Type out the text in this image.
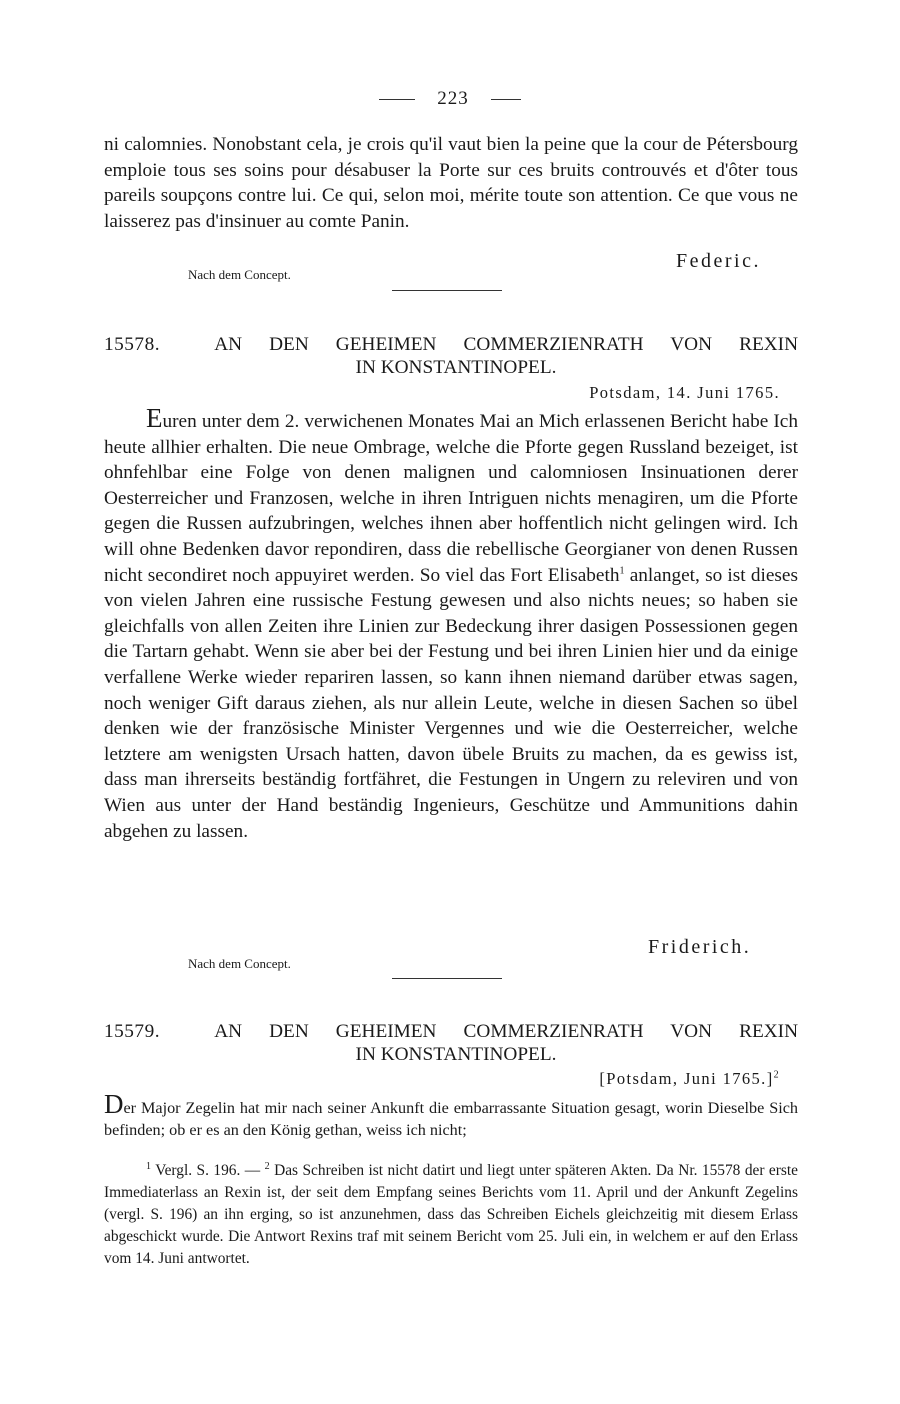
223

ni calomnies. Nonobstant cela, je crois qu'il vaut bien la peine que la cour de Pétersbourg emploie tous ses soins pour désabuser la Porte sur ces bruits controuvés et d'ôter tous pareils soupçons contre lui. Ce qui, selon moi, mérite toute son attention. Ce que vous ne laisserez pas d'insinuer au comte Panin.

Federic.
Nach dem Concept.
15578.	AN DEN GEHEIMEN COMMERZIENRATH VON REXIN
IN KONSTANTINOPEL.
Potsdam, 14. Juni 1765.

Euren unter dem 2. verwichenen Monates Mai an Mich erlassenen Bericht habe Ich heute allhier erhalten. Die neue Ombrage, welche die Pforte gegen Russland bezeiget, ist ohnfehlbar eine Folge von denen malignen und calomniosen Insinuationen derer Oesterreicher und Franzosen, welche in ihren Intriguen nichts menagiren, um die Pforte gegen die Russen aufzubringen, welches ihnen aber hoffentlich nicht gelingen wird. Ich will ohne Bedenken davor repondiren, dass die rebellische Georgianer von denen Russen nicht secondiret noch appuyiret werden. So viel das Fort Elisabeth$^1$ anlanget, so ist dieses von vielen Jahren eine russische Festung gewesen und also nichts neues; so haben sie gleichfalls von allen Zeiten ihre Linien zur Bedeckung ihrer dasigen Possessionen gegen die Tartarn gehabt. Wenn sie aber bei der Festung und bei ihren Linien hier und da einige verfallene Werke wieder repariren lassen, so kann ihnen niemand darüber etwas sagen, noch weniger Gift daraus ziehen, als nur allein Leute, welche in diesen Sachen so übel denken wie der französische Minister Vergennes und wie die Oesterreicher, welche letztere am wenigsten Ursach hatten, davon übele Bruits zu machen, da es gewiss ist, dass man ihrerseits beständig fortfähret, die Festungen in Ungern zu releviren und von Wien aus unter der Hand beständig Ingenieurs, Geschütze und Ammunitions dahin abgehen zu lassen.

Friderich.
Nach dem Concept.
15579.	AN DEN GEHEIMEN COMMERZIENRATH VON REXIN
IN KONSTANTINOPEL.
[Potsdam, Juni 1765.]$^2$

Der Major Zegelin hat mir nach seiner Ankunft die embarrassante Situation gesagt, worin Dieselbe Sich befinden; ob er es an den König gethan, weiss ich nicht;

$^1$ Vergl. S. 196. — $^2$ Das Schreiben ist nicht datirt und liegt unter späteren Akten. Da Nr. 15578 der erste Immediaterlass an Rexin ist, der seit dem Empfang seines Berichts vom 11. April und der Ankunft Zegelins (vergl. S. 196) an ihn erging, so ist anzunehmen, dass das Schreiben Eichels gleichzeitig mit diesem Erlass abgeschickt wurde. Die Antwort Rexins traf mit seinem Bericht vom 25. Juli ein, in welchem er auf den Erlass vom 14. Juni antwortet.
